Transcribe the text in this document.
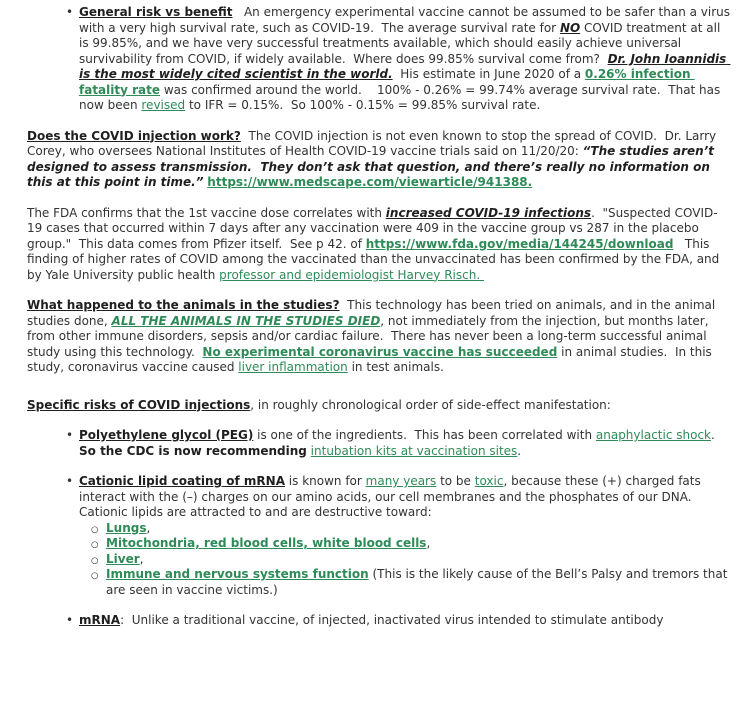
• General risk vs benefit   An emergency experimental vaccine cannot be assumed to be safer than a virus with a very high survival rate, such as COVID-19.  The average survival rate for NO COVID treatment at all is 99.85%, and we have very successful treatments available, which should easily achieve universal survivability from COVID, if widely available.  Where does 99.85% survival come from?  Dr. John Ioannidis is the most widely cited scientist in the world.  His estimate in June 2020 of a 0.26% infection fatality rate was confirmed around the world.    100% - 0.26% = 99.74% average survival rate.  That has now been revised to IFR = 0.15%.  So 100% - 0.15% = 99.85% survival rate.
Does the COVID injection work?  The COVID injection is not even known to stop the spread of COVID.  Dr. Larry Corey, who oversees National Institutes of Health COVID-19 vaccine trials said on 11/20/20: “The studies aren’t designed to assess transmission.  They don’t ask that question, and there’s really no information on this at this point in time.” https://www.medscape.com/viewarticle/941388.
The FDA confirms that the 1st vaccine dose correlates with increased COVID-19 infections.  "Suspected COVID-19 cases that occurred within 7 days after any vaccination were 409 in the vaccine group vs 287 in the placebo group."  This data comes from Pfizer itself.  See p 42. of https://www.fda.gov/media/144245/download   This finding of higher rates of COVID among the vaccinated than the unvaccinated has been confirmed by the FDA, and by Yale University public health professor and epidemiologist Harvey Risch.
What happened to the animals in the studies?  This technology has been tried on animals, and in the animal studies done, ALL THE ANIMALS IN THE STUDIES DIED, not immediately from the injection, but months later, from other immune disorders, sepsis and/or cardiac failure.  There has never been a long-term successful animal study using this technology.  No experimental coronavirus vaccine has succeeded in animal studies.  In this study, coronavirus vaccine caused liver inflammation in test animals.
Specific risks of COVID injections, in roughly chronological order of side-effect manifestation:
• Polyethylene glycol (PEG) is one of the ingredients.  This has been correlated with anaphylactic shock.   So the CDC is now recommending intubation kits at vaccination sites.
• Cationic lipid coating of mRNA is known for many years to be toxic, because these (+) charged fats interact with the (–) charges on our amino acids, our cell membranes and the phosphates of our DNA.  Cationic lipids are attracted to and are destructive toward:
○ Lungs,
○ Mitochondria, red blood cells, white blood cells,
○ Liver,
○ Immune and nervous systems function (This is the likely cause of the Bell’s Palsy and tremors that are seen in vaccine victims.)
• mRNA:  Unlike a traditional vaccine, of injected, inactivated virus intended to stimulate antibody
